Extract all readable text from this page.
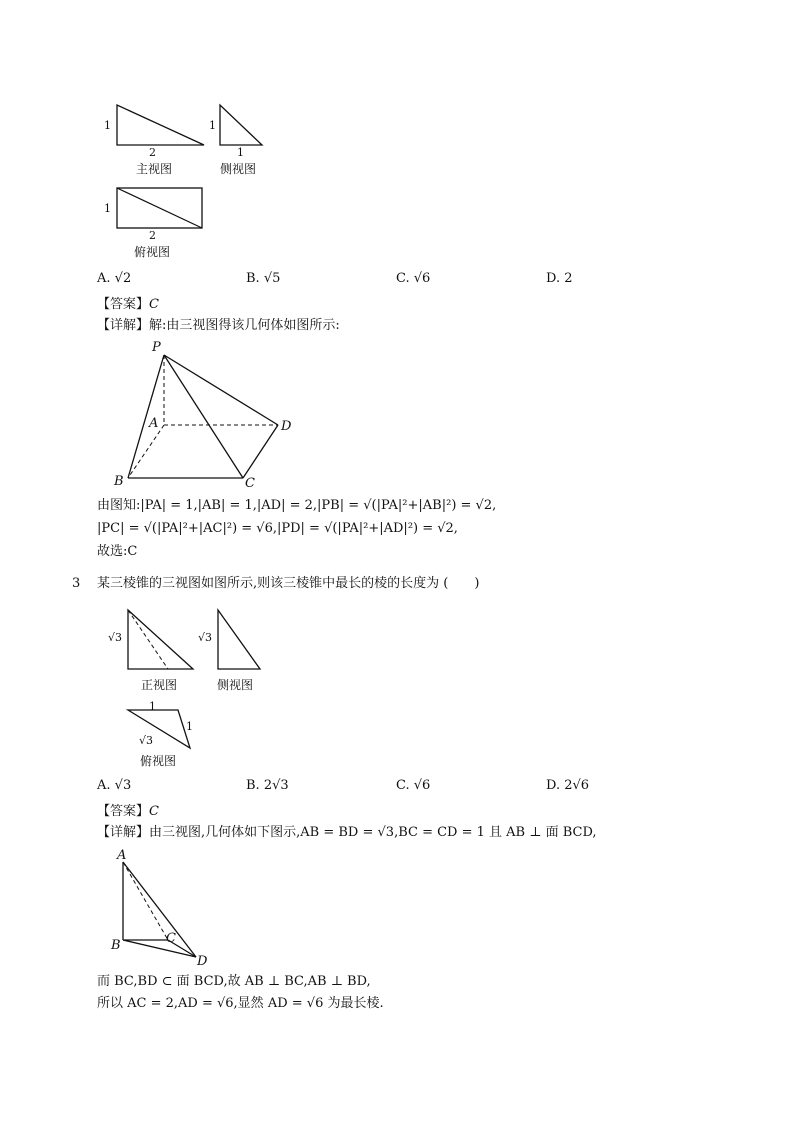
1
2
主视图
1
1
侧视图
1
2
俯视图
A. √2	B. √5	C. √6	D. 2
【答案】C
【详解】解:由三视图得该几何体如图所示:
P
A
B	C
D
由图知:|PA| = 1,|AB| = 1,|AD| = 2,|PB| = √(|PA|²+|AB|²) = √2,
|PC| = √(|PA|²+|AC|²) = √6,|PD| = √(|PA|²+|AD|²) = √2,
故选:C
3 某三棱锥的三视图如图所示,则该三棱锥中最长的棱的长度为 (　　)
√3
正视图
√3
侧视图
1
1
√3
俯视图
A. √3	B. 2√3	C. √6	D. 2√6
【答案】C
【详解】由三视图,几何体如下图示,AB = BD = √3,BC = CD = 1 且 AB ⊥ 面 BCD,
A
B	C
D
而 BC,BD ⊂ 面 BCD,故 AB ⊥ BC,AB ⊥ BD,
所以 AC = 2,AD = √6,显然 AD = √6 为最长棱.
